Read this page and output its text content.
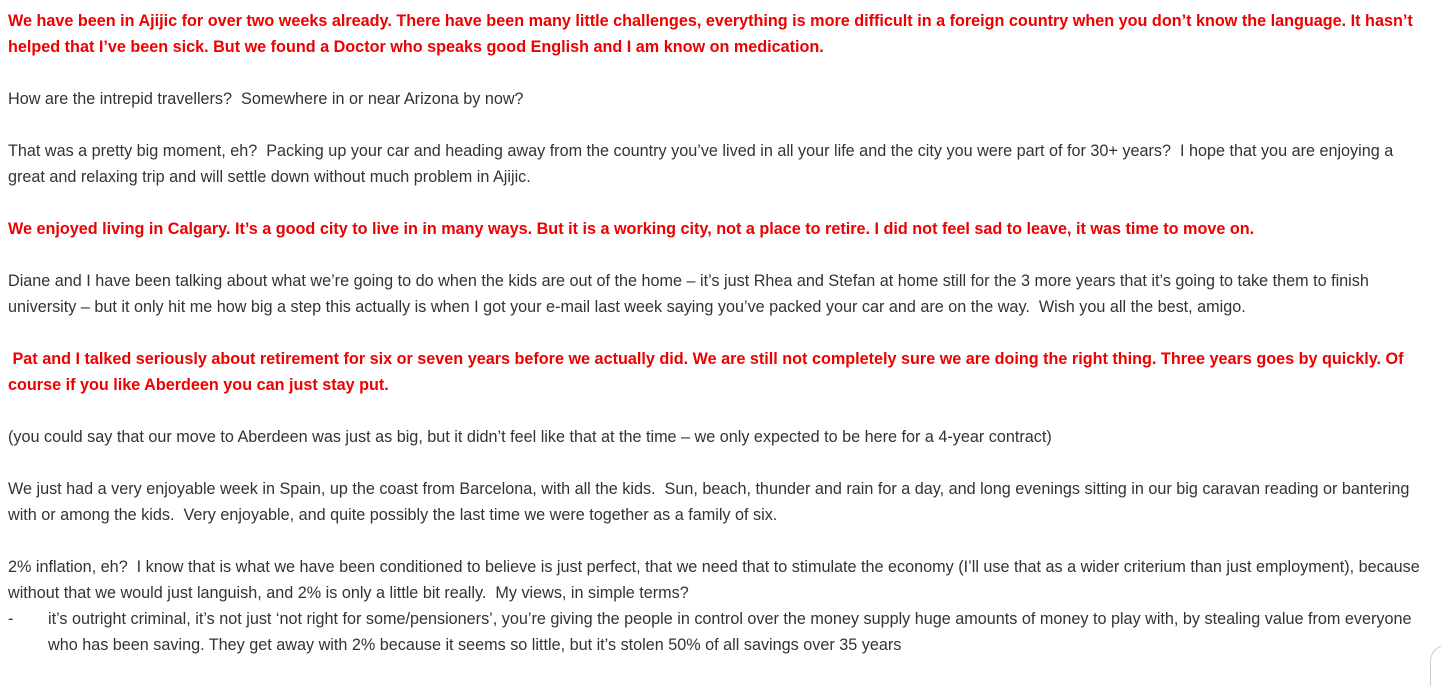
We have been in Ajijic for over two weeks already. There have been many little challenges, everything is more difficult in a foreign country when you don’t know the language. It hasn’t helped that I’ve been sick. But we found a Doctor who speaks good English and I am know on medication.

How are the intrepid travellers?  Somewhere in or near Arizona by now?

That was a pretty big moment, eh?  Packing up your car and heading away from the country you’ve lived in all your life and the city you were part of for 30+ years?  I hope that you are enjoying a great and relaxing trip and will settle down without much problem in Ajijic.

We enjoyed living in Calgary. It’s a good city to live in in many ways. But it is a working city, not a place to retire. I did not feel sad to leave, it was time to move on.

Diane and I have been talking about what we’re going to do when the kids are out of the home – it’s just Rhea and Stefan at home still for the 3 more years that it’s going to take them to finish university – but it only hit me how big a step this actually is when I got your e-mail last week saying you’ve packed your car and are on the way.  Wish you all the best, amigo.

Pat and I talked seriously about retirement for six or seven years before we actually did. We are still not completely sure we are doing the right thing. Three years goes by quickly. Of course if you like Aberdeen you can just stay put.

(you could say that our move to Aberdeen was just as big, but it didn’t feel like that at the time – we only expected to be here for a 4-year contract)

We just had a very enjoyable week in Spain, up the coast from Barcelona, with all the kids.  Sun, beach, thunder and rain for a day, and long evenings sitting in our big caravan reading or bantering with or among the kids.  Very enjoyable, and quite possibly the last time we were together as a family of six.

2% inflation, eh?  I know that is what we have been conditioned to believe is just perfect, that we need that to stimulate the economy (I’ll use that as a wider criterium than just employment), because without that we would just languish, and 2% is only a little bit really.  My views, in simple terms?

-	it’s outright criminal, it’s not just ‘not right for some/pensioners’, you’re giving the people in control over the money supply huge amounts of money to play with, by stealing value from everyone who has been saving. They get away with 2% because it seems so little, but it’s stolen 50% of all savings over 35 years
